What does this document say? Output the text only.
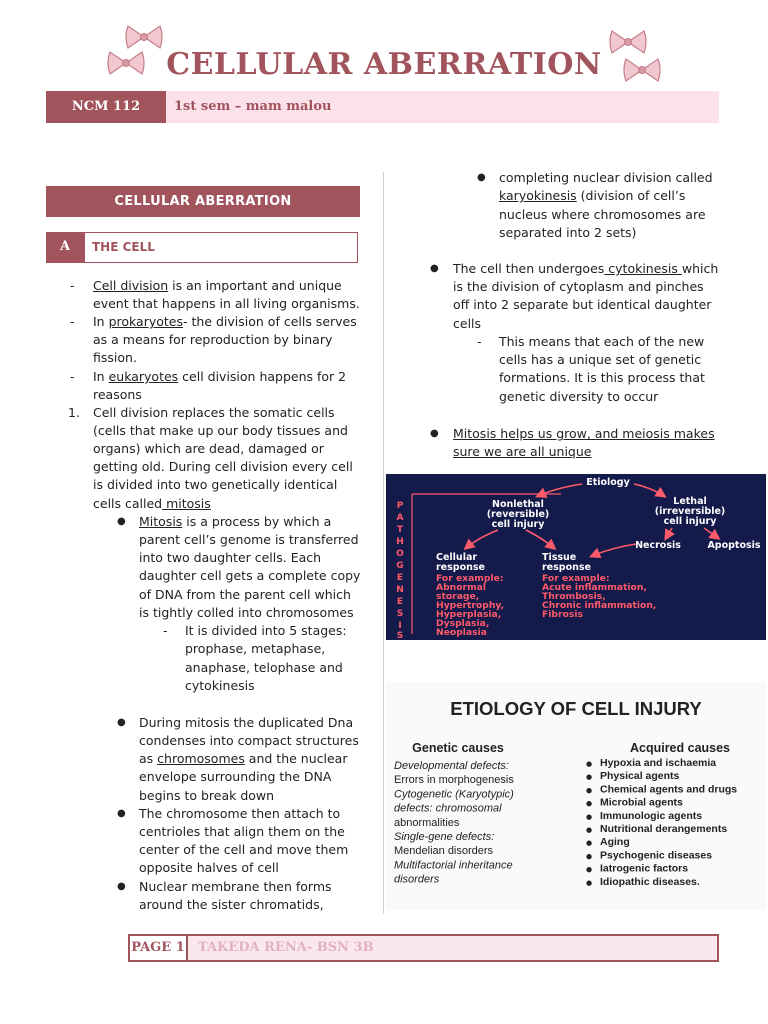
CELLULAR ABERRATION
NCM 112	1st sem – mam malou
CELLULAR ABERRATION
A	THE CELL
- Cell division is an important and unique
event that happens in all living organisms.
- In prokaryotes- the division of cells serves
as a means for reproduction by binary
fission.
- In eukaryotes cell division happens for 2
reasons
1. Cell division replaces the somatic cells
(cells that make up our body tissues and
organs) which are dead, damaged or
getting old. During cell division every cell
is divided into two genetically identical
cells called mitosis
● Mitosis is a process by which a
parent cell’s genome is transferred
into two daughter cells. Each
daughter cell gets a complete copy
of DNA from the parent cell which
is tightly colled into chromosomes
- It is divided into 5 stages:
prophase, metaphase,
anaphase, telophase and
cytokinesis
● During mitosis the duplicated Dna
condenses into compact structures
as chromosomes and the nuclear
envelope surrounding the DNA
begins to break down
● The chromosome then attach to
centrioles that align them on the
center of the cell and move them
opposite halves of cell
● Nuclear membrane then forms
around the sister chromatids,
● completing nuclear division called
karyokinesis (division of cell’s
nucleus where chromosomes are
separated into 2 sets)
● The cell then undergoes cytokinesis which
is the division of cytoplasm and pinches
off into 2 separate but identical daughter
cells
- This means that each of the new
cells has a unique set of genetic
formations. It is this process that
genetic diversity to occur
● Mitosis helps us grow, and meiosis makes
sure we are all unique
P
A
T
H
O
G
E
N
E
S
I
S
Etiology
Nonlethal
(reversible)
cell injury
Lethal
(irreversible)
cell injury
Necrosis	Apoptosis
Cellular
response
Tissue
response
For example:
Abnormal
storage,
Hypertrophy,
Hyperplasia,
Dysplasia,
Neoplasia
For example:
Acute inflammation,
Thrombosis,
Chronic inflammation,
Fibrosis
ETIOLOGY OF CELL INJURY
Genetic causes	Acquired causes
Developmental defects:
Errors in morphogenesis
Cytogenetic (Karyotypic)
defects: chromosomal
abnormalities
Single-gene defects:
Mendelian disorders
Multifactorial inheritance
disorders
● Hypoxia and ischaemia
● Physical agents
● Chemical agents and drugs
● Microbial agents
● Immunologic agents
● Nutritional derangements
● Aging
● Psychogenic diseases
● Iatrogenic factors
● Idiopathic diseases.
PAGE 1	TAKEDA RENA- BSN 3B
